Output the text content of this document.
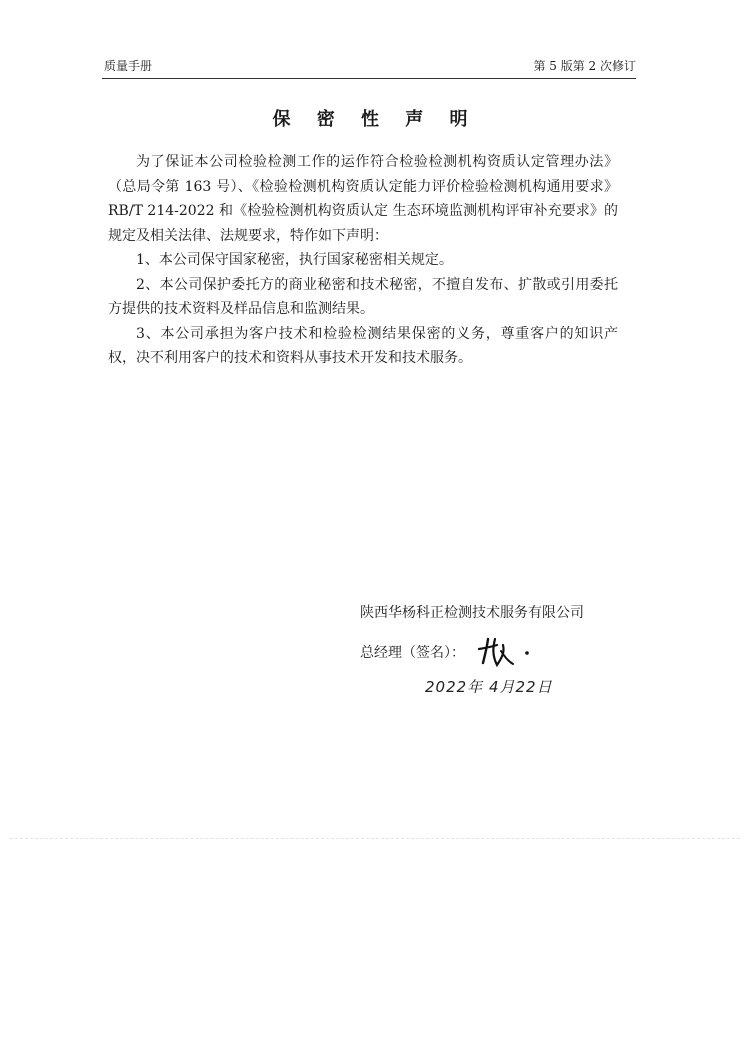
质量手册	第 5 版第 2 次修订
保 密 性 声 明

为了保证本公司检验检测工作的运作符合检验检测机构资质认定管理办法》（总局令第 163 号）、《检验检测机构资质认定能力评价检验检测机构通用要求》RB/T 214-2022 和《检验检测机构资质认定 生态环境监测机构评审补充要求》的规定及相关法律、法规要求，特作如下声明：

1、本公司保守国家秘密，执行国家秘密相关规定。

2、本公司保护委托方的商业秘密和技术秘密，不擅自发布、扩散或引用委托方提供的技术资料及样品信息和监测结果。

3、本公司承担为客户技术和检验检测结果保密的义务，尊重客户的知识产权，决不利用客户的技术和资料从事技术开发和技术服务。

陕西华杨科正检测技术服务有限公司
总经理（签名）：
2022年 4月22日
